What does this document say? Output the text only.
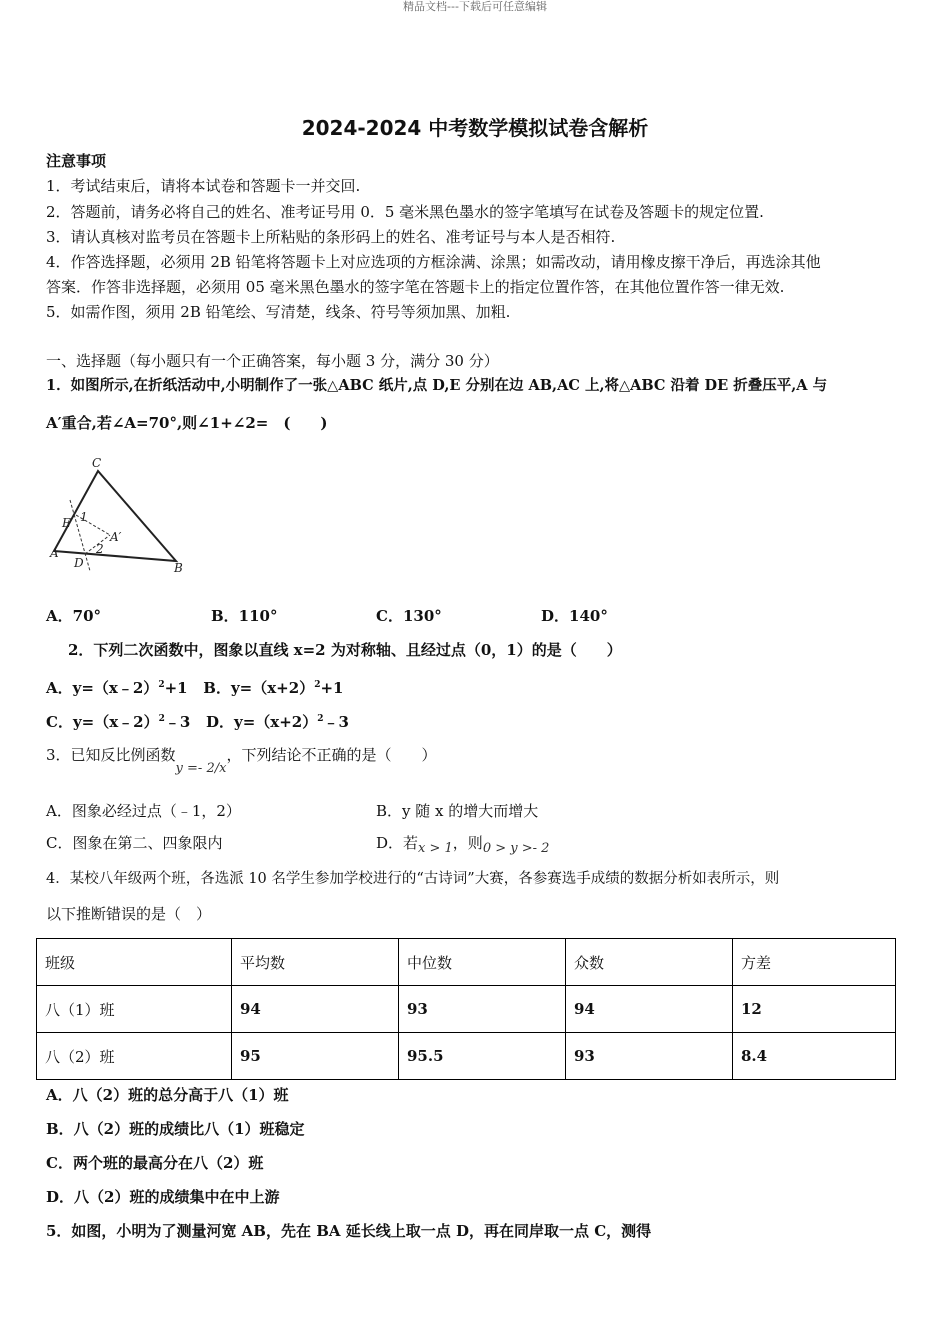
精品文档---下载后可任意编辑
2024-2024 中考数学模拟试卷含解析
注意事项
1．考试结束后，请将本试卷和答题卡一并交回.
2．答题前，请务必将自己的姓名、准考证号用 0．5 毫米黑色墨水的签字笔填写在试卷及答题卡的规定位置.
3．请认真核对监考员在答题卡上所粘贴的条形码上的姓名、准考证号与本人是否相符.
4．作答选择题，必须用 2B 铅笔将答题卡上对应选项的方框涂满、涂黑；如需改动，请用橡皮擦干净后，再选涂其他
答案．作答非选择题，必须用 05 毫米黑色墨水的签字笔在答题卡上的指定位置作答，在其他位置作答一律无效.
5．如需作图，须用 2B 铅笔绘、写清楚，线条、符号等须加黑、加粗.
一、选择题（每小题只有一个正确答案，每小题 3 分，满分 30 分）
1．如图所示,在折纸活动中,小明制作了一张△ABC 纸片,点 D,E 分别在边 AB,AC 上,将△ABC 沿着 DE 折叠压平,A 与
A′重合,若∠A=70°,则∠1+∠2=　(　　)
C
E 1
A′
A	2
D	B
A．70°	B．110°	C．130°	D．140°
2．下列二次函数中，图象以直线 x=2 为对称轴、且经过点（0，1）的是（　　）
A．y=（x﹣2）$^2$+1 B．$y=(x+2)^2+1$
C．y=（x﹣2）$^2$﹣3 D．$y=(x+2)^2﹣3$
3．已知反比例函数y =- 2/x，下列结论不正确的是（　　）
A．图象必经过点（﹣1，2）	B．y 随 x 的增大而增大
C．图象在第二、四象限内	D．若x > 1，则0 > y >- 2
4．某校八年级两个班，各选派 10 名学生参加学校进行的“古诗词”大赛，各参赛选手成绩的数据分析如表所示，则
以下推断错误的是（　）
班级	平均数	中位数	众数	方差
八（1）班	94	93	94	12
八（2）班	95	95.5	93	8.4
A．八（2）班的总分高于八（1）班
B．八（2）班的成绩比八（1）班稳定
C．两个班的最高分在八（2）班
D．八（2）班的成绩集中在中上游
5．如图，小明为了测量河宽 AB，先在 BA 延长线上取一点 D，再在同岸取一点 C，测得
